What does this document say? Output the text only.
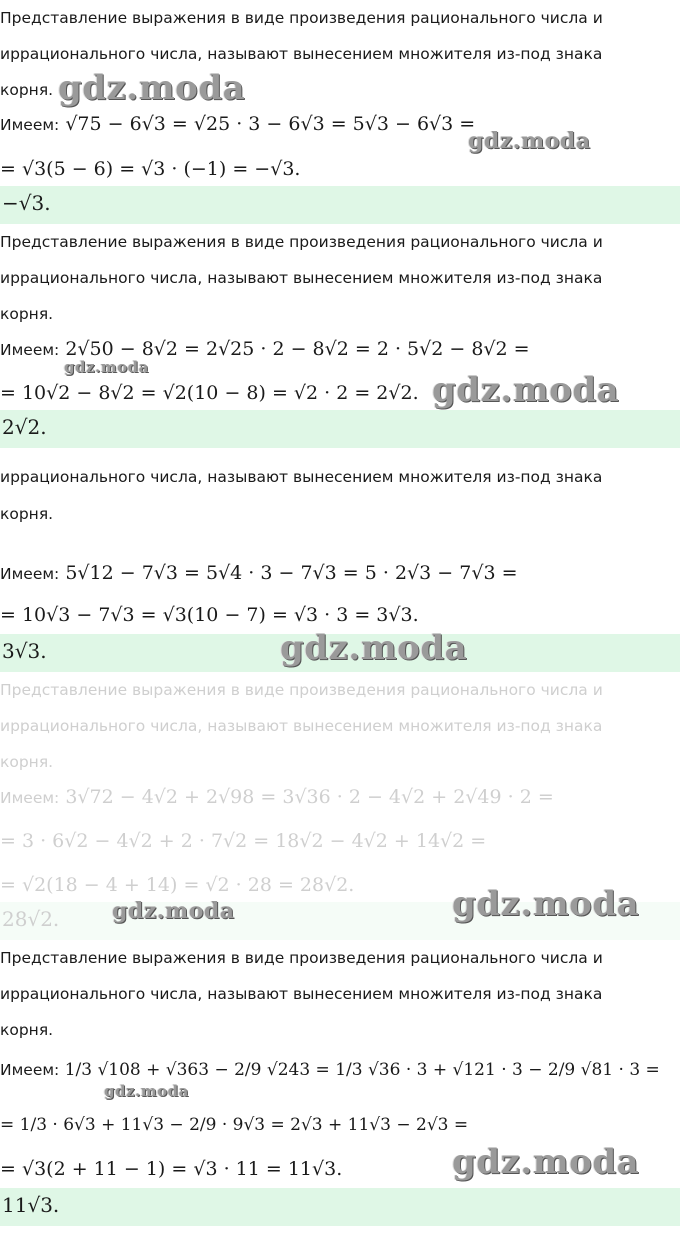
Представление выражения в виде произведения рационального числа и
иррационального числа, называют вынесением множителя из-под знака
корня.
Имеем: √75 − 6√3 = √25 · 3 − 6√3 = 5√3 − 6√3 =
= √3(5 − 6) = √3 · (−1) = −√3.
−√3.
gdz.moda
gdz.moda
Представление выражения в виде произведения рационального числа и
иррационального числа, называют вынесением множителя из-под знака
корня.
Имеем: 2√50 − 8√2 = 2√25 · 2 − 8√2 = 2 · 5√2 − 8√2 =
= 10√2 − 8√2 = √2(10 − 8) = √2 · 2 = 2√2.
2√2.
gdz.moda
gdz.moda
иррационального числа, называют вынесением множителя из-под знака
корня.
Имеем: 5√12 − 7√3 = 5√4 · 3 − 7√3 = 5 · 2√3 − 7√3 =
= 10√3 − 7√3 = √3(10 − 7) = √3 · 3 = 3√3.
3√3.	gdz.moda
Представление выражения в виде произведения рационального числа и
иррационального числа, называют вынесением множителя из-под знака
корня.
Имеем: 3√72 − 4√2 + 2√98 = 3√36 · 2 − 4√2 + 2√49 · 2 =
= 3 · 6√2 − 4√2 + 2 · 7√2 = 18√2 − 4√2 + 14√2 =
= √2(18 − 4 + 14) = √2 · 28 = 28√2.
28√2. gdz.moda	gdz.moda
Представление выражения в виде произведения рационального числа и
иррационального числа, называют вынесением множителя из-под знака
корня.
Имеем: 1/3 √108 + √363 − 2/9 √243 = 1/3 √36 · 3 + √121 · 3 − 2/9 √81 · 3 =
= 1/3 · 6√3 + 11√3 − 2/9 · 9√3 = 2√3 + 11√3 − 2√3 =
= √3(2 + 11 − 1) = √3 · 11 = 11√3.
11√3.
gdz.moda
gdz.moda
